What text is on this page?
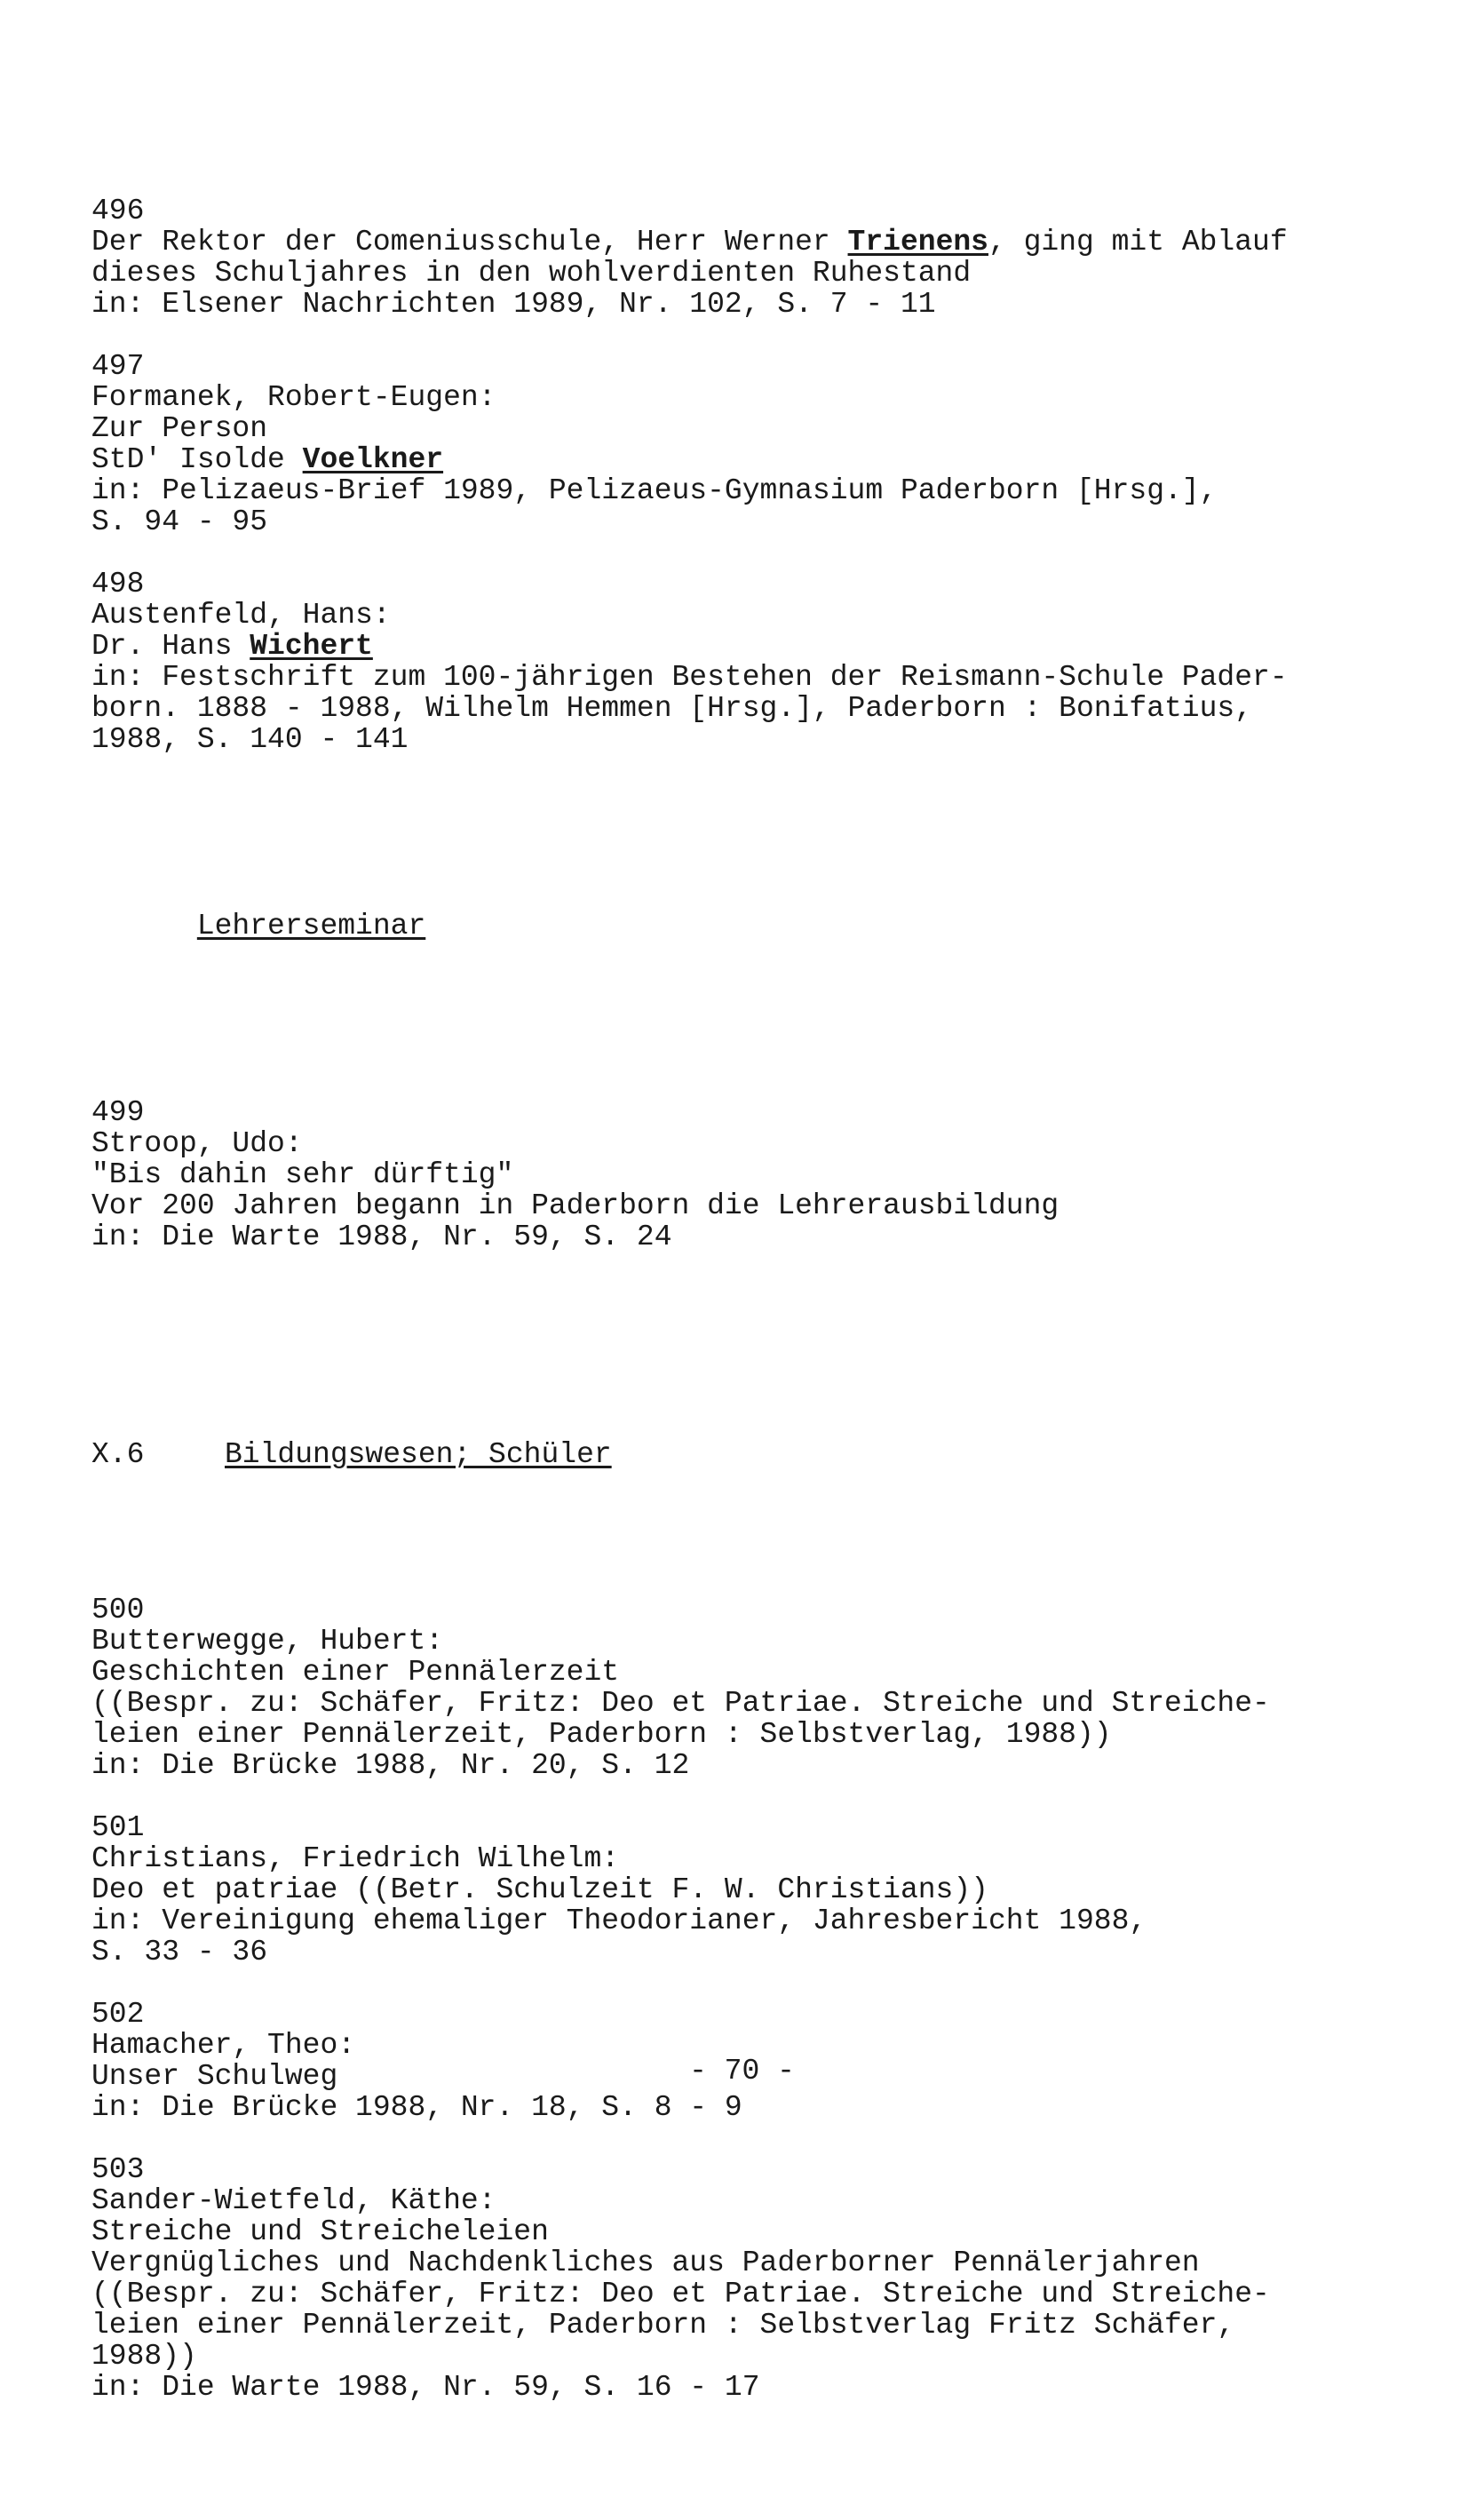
496
Der Rektor der Comeniusschule, Herr Werner Trienens, ging mit Ablauf
dieses Schuljahres in den wohlverdienten Ruhestand
in: Elsener Nachrichten 1989, Nr. 102, S. 7 - 11
497
Formanek, Robert-Eugen:
Zur Person
StD' Isolde Voelkner
in: Pelizaeus-Brief 1989, Pelizaeus-Gymnasium Paderborn [Hrsg.],
S. 94 - 95
498
Austenfeld, Hans:
Dr. Hans Wichert
in: Festschrift zum 100-jährigen Bestehen der Reismann-Schule Pader-
born. 1888 - 1988, Wilhelm Hemmen [Hrsg.], Paderborn : Bonifatius,
1988, S. 140 - 141

Lehrerseminar

499
Stroop, Udo:
"Bis dahin sehr dürftig"
Vor 200 Jahren begann in Paderborn die Lehrerausbildung
in: Die Warte 1988, Nr. 59, S. 24

X.6	Bildungswesen; Schüler

500
Butterwegge, Hubert:
Geschichten einer Pennälerzeit
((Bespr. zu: Schäfer, Fritz: Deo et Patriae. Streiche und Streiche-
leien einer Pennälerzeit, Paderborn : Selbstverlag, 1988))
in: Die Brücke 1988, Nr. 20, S. 12
501
Christians, Friedrich Wilhelm:
Deo et patriae ((Betr. Schulzeit F. W. Christians))
in: Vereinigung ehemaliger Theodorianer, Jahresbericht 1988,
S. 33 - 36
502
Hamacher, Theo:
Unser Schulweg
in: Die Brücke 1988, Nr. 18, S. 8 - 9
503
Sander-Wietfeld, Käthe:
Streiche und Streicheleien
Vergnügliches und Nachdenkliches aus Paderborner Pennälerjahren
((Bespr. zu: Schäfer, Fritz: Deo et Patriae. Streiche und Streiche-
leien einer Pennälerzeit, Paderborn : Selbstverlag Fritz Schäfer,
1988))
in: Die Warte 1988, Nr. 59, S. 16 - 17

- 70 -
